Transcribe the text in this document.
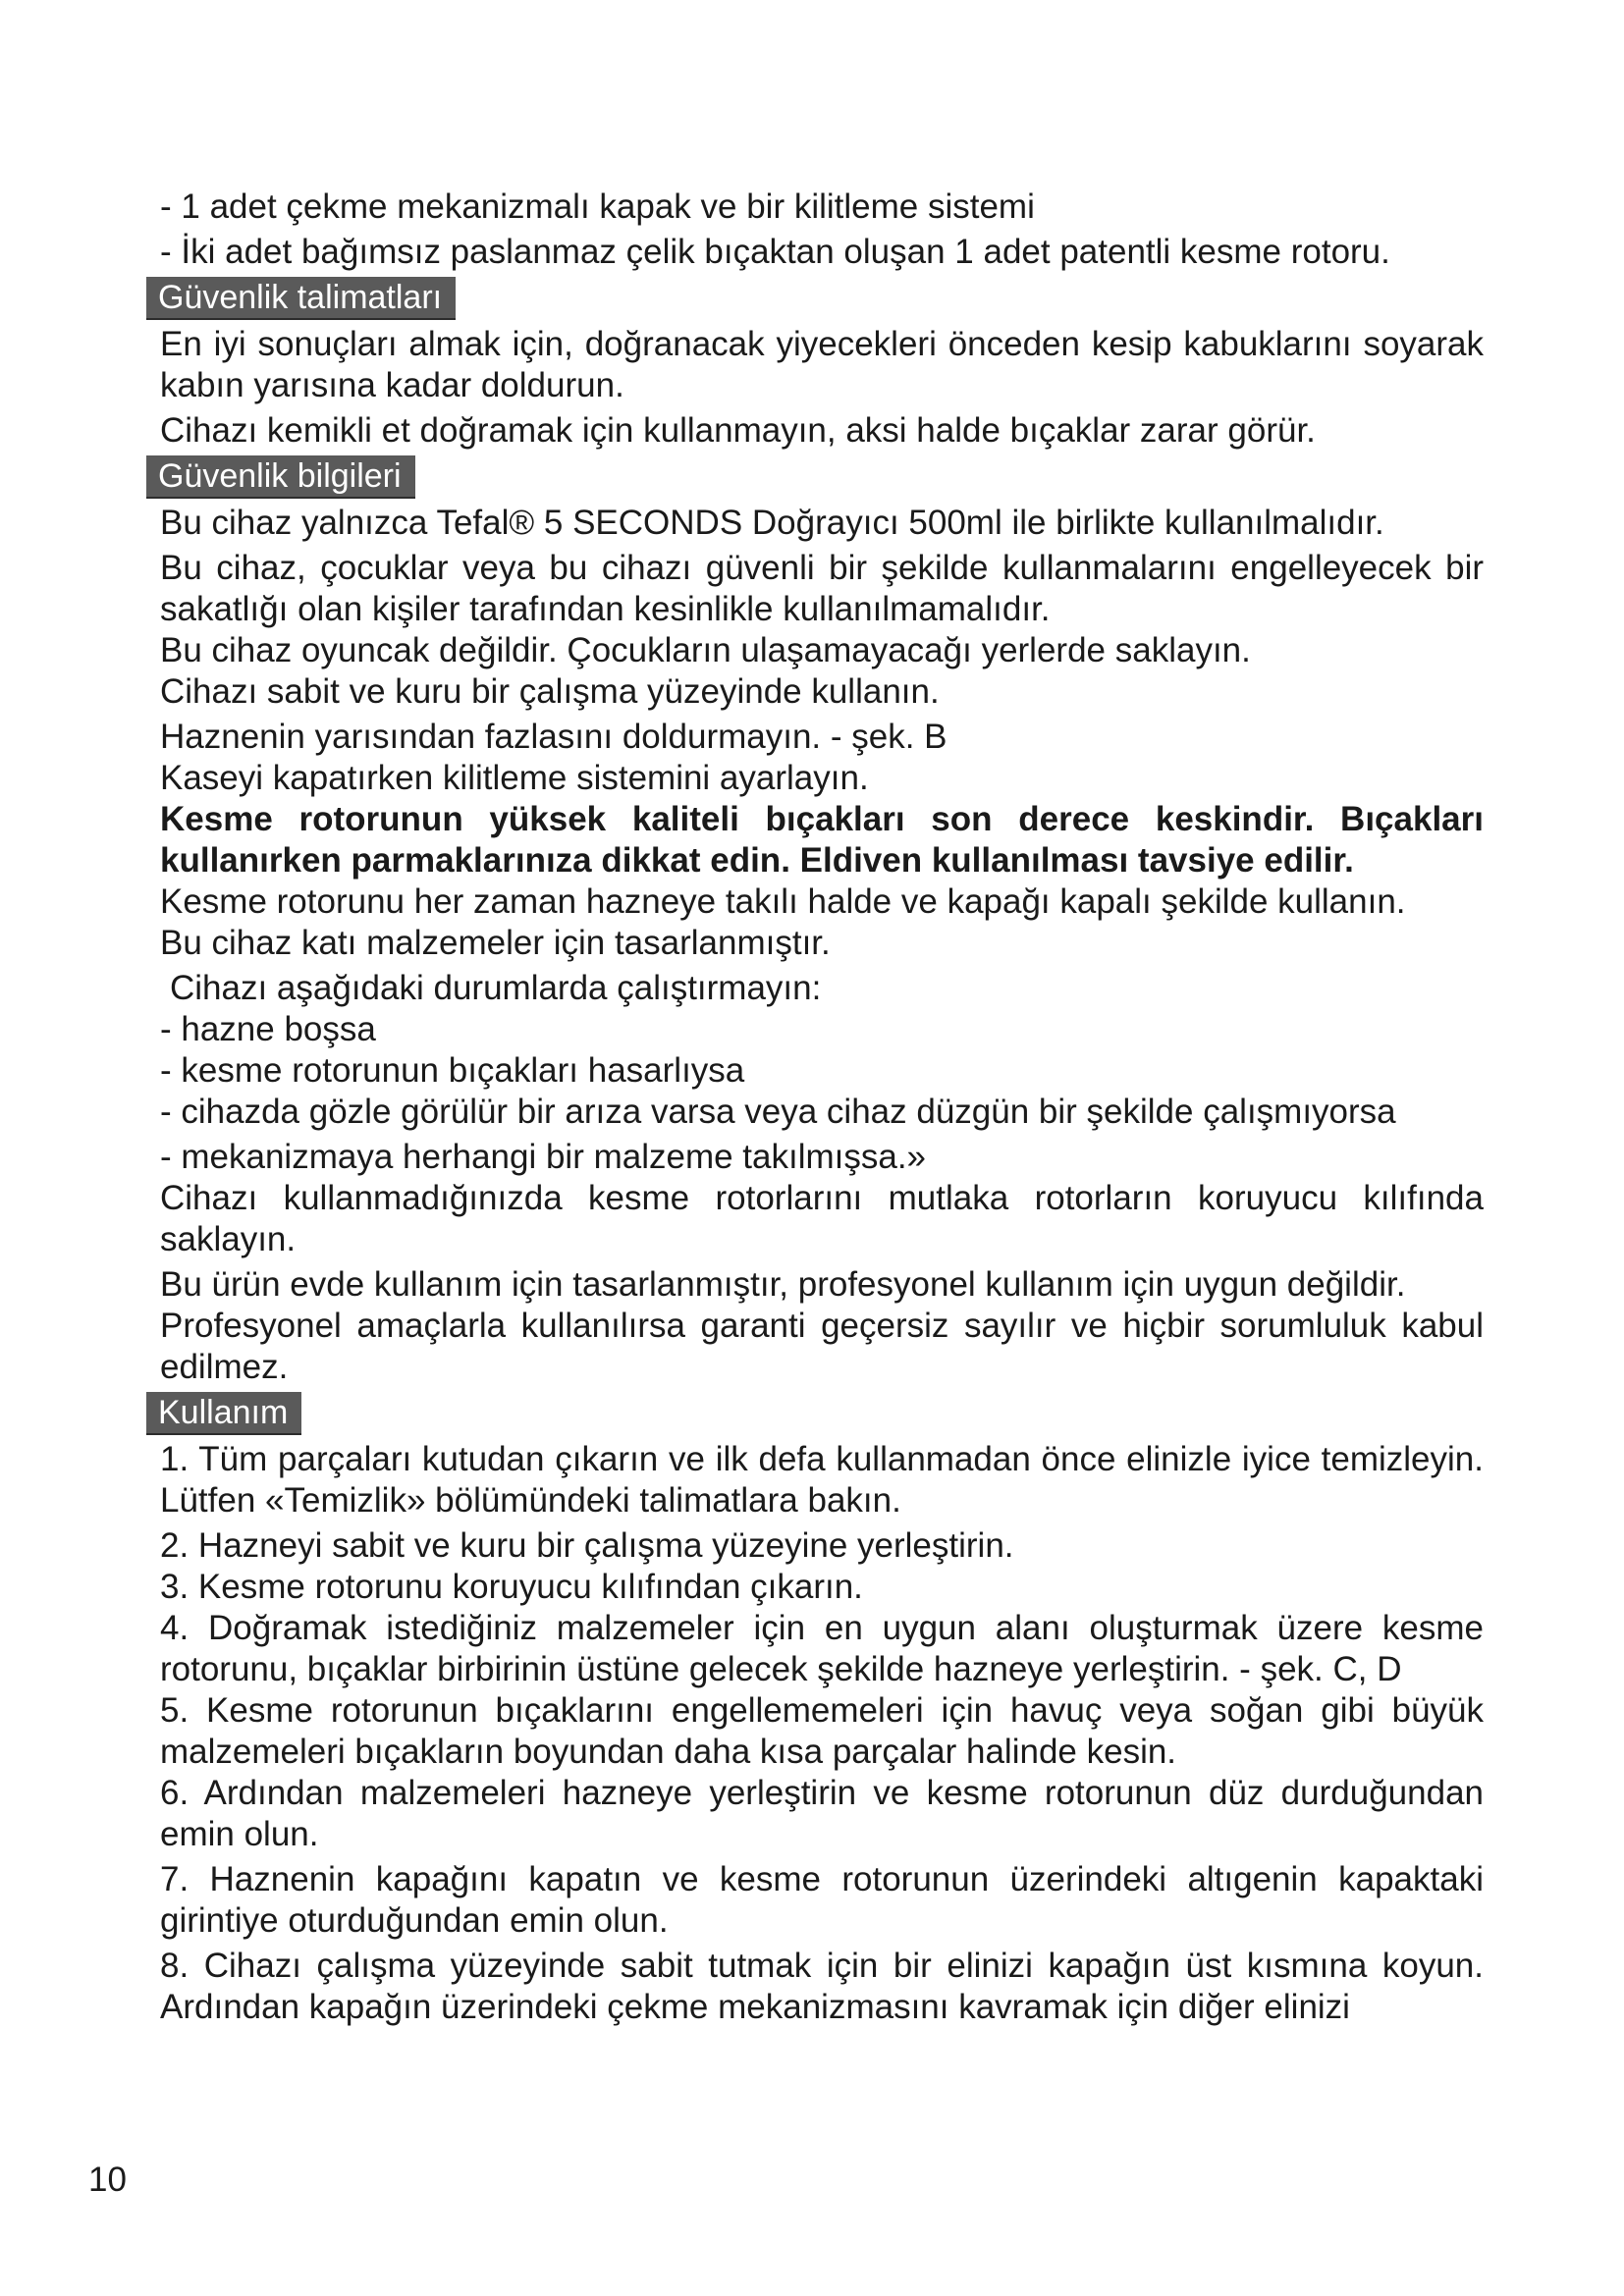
- 1 adet çekme mekanizmalı kapak ve bir kilitleme sistemi

- İki adet bağımsız paslanmaz çelik bıçaktan oluşan 1 adet patentli kesme rotoru.

Güvenlik talimatları

En iyi sonuçları almak için, doğranacak yiyecekleri önceden kesip kabuklarını soyarak kabın yarısına kadar doldurun.

Cihazı kemikli et doğramak için kullanmayın, aksi halde bıçaklar zarar görür.

Güvenlik bilgileri

Bu cihaz yalnızca Tefal® 5 SECONDS Doğrayıcı 500ml ile birlikte kullanılmalıdır.

Bu cihaz, çocuklar veya bu cihazı güvenli bir şekilde kullanmalarını engelleyecek bir sakatlığı olan kişiler tarafından kesinlikle kullanılmamalıdır.

Bu cihaz oyuncak değildir. Çocukların ulaşamayacağı yerlerde saklayın.

Cihazı sabit ve kuru bir çalışma yüzeyinde kullanın.

Haznenin yarısından fazlasını doldurmayın. - şek. B

Kaseyi kapatırken kilitleme sistemini ayarlayın.

Kesme rotorunun yüksek kaliteli bıçakları son derece keskindir. Bıçakları kullanırken parmaklarınıza dikkat edin. Eldiven kullanılması tavsiye edilir.

Kesme rotorunu her zaman hazneye takılı halde ve kapağı kapalı şekilde kullanın.

Bu cihaz katı malzemeler için tasarlanmıştır.

Cihazı aşağıdaki durumlarda çalıştırmayın:

- hazne boşsa

- kesme rotorunun bıçakları hasarlıysa

- cihazda gözle görülür bir arıza varsa veya cihaz düzgün bir şekilde çalışmıyorsa

- mekanizmaya herhangi bir malzeme takılmışsa.»

Cihazı kullanmadığınızda kesme rotorlarını mutlaka rotorların koruyucu kılıfında saklayın.

Bu ürün evde kullanım için tasarlanmıştır, profesyonel kullanım için uygun değildir.

Profesyonel amaçlarla kullanılırsa garanti geçersiz sayılır ve hiçbir sorumluluk kabul edilmez.

Kullanım

1. Tüm parçaları kutudan çıkarın ve ilk defa kullanmadan önce elinizle iyice temizleyin. Lütfen «Temizlik» bölümündeki talimatlara bakın.

2. Hazneyi sabit ve kuru bir çalışma yüzeyine yerleştirin.

3. Kesme rotorunu koruyucu kılıfından çıkarın.

4. Doğramak istediğiniz malzemeler için en uygun alanı oluşturmak üzere kesme rotorunu, bıçaklar birbirinin üstüne gelecek şekilde hazneye yerleştirin. - şek. C, D

5. Kesme rotorunun bıçaklarını engellememeleri için havuç veya soğan gibi büyük malzemeleri bıçakların boyundan daha kısa parçalar halinde kesin.

6. Ardından malzemeleri hazneye yerleştirin ve kesme rotorunun düz durduğundan emin olun.

7. Haznenin kapağını kapatın ve kesme rotorunun üzerindeki altıgenin kapaktaki girintiye oturduğundan emin olun.

8. Cihazı çalışma yüzeyinde sabit tutmak için bir elinizi kapağın üst kısmına koyun. Ardından kapağın üzerindeki çekme mekanizmasını kavramak için diğer elinizi

10
